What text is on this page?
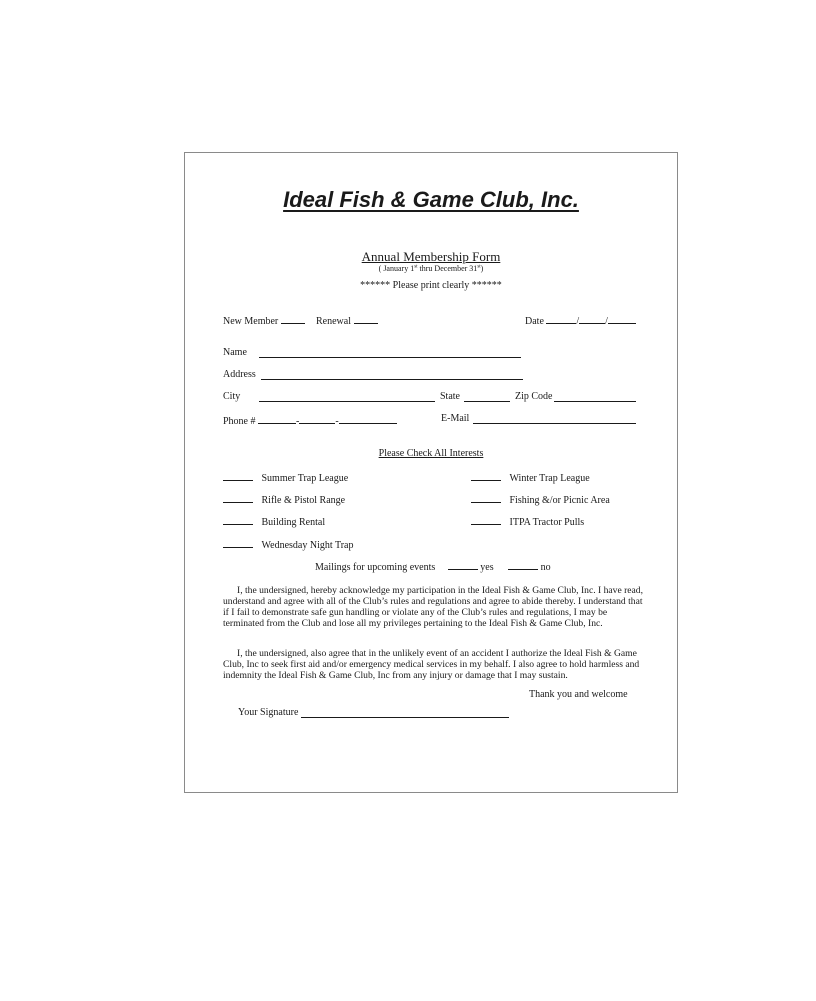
Ideal Fish & Game Club, Inc.
Annual Membership Form
( January 1st thru December 31st)
****** Please print clearly ******
New Member	Renewal	Date	/	/
Name
Address
City	State	Zip Code
Phone #	-	-	E-Mail
Please Check All Interests
Summer Trap League	Winter Trap League
Rifle & Pistol Range	Fishing &/or Picnic Area
Building Rental	ITPA Tractor Pulls
Wednesday Night Trap
Mailings for upcoming events	yes	no
I, the undersigned, hereby acknowledge my participation in the Ideal Fish & Game Club, Inc. I have read, understand and agree with all of the Club’s rules and regulations and agree to abide thereby. I understand that if I fail to demonstrate safe gun handling or violate any of the Club’s rules and regulations, I may be terminated from the Club and lose all my privileges pertaining to the Ideal Fish & Game Club, Inc.
I, the undersigned, also agree that in the unlikely event of an accident I authorize the Ideal Fish & Game Club, Inc to seek first aid and/or emergency medical services in my behalf. I also agree to hold harmless and indemnity the Ideal Fish & Game Club, Inc from any injury or damage that I may sustain.
Thank you and welcome
Your Signature
